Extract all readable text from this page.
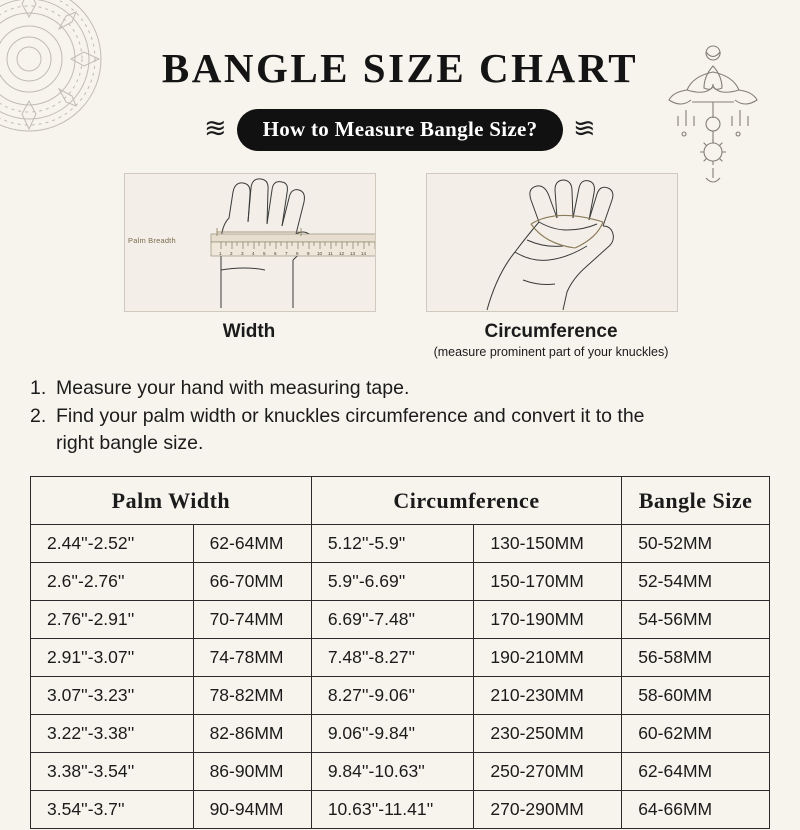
BANGLE SIZE CHART
≋	How to Measure Bangle Size?	≋
1 2 3 4 5 6 7 8 9 10 11 12 13 14
Palm Breadth
Width	Circumference
(measure prominent part of your knuckles)
1. Measure your hand with measuring tape.
2. Find your palm width or knuckles circumference and convert it to the
right bangle size.
Palm Width		Circumference		Bangle Size
2.44''-2.52''	62-64MM	5.12''-5.9''	130-150MM	50-52MM
2.6''-2.76''	66-70MM	5.9''-6.69''	150-170MM	52-54MM
2.76''-2.91''	70-74MM	6.69''-7.48''	170-190MM	54-56MM
2.91''-3.07''	74-78MM	7.48''-8.27''	190-210MM	56-58MM
3.07''-3.23''	78-82MM	8.27''-9.06''	210-230MM	58-60MM
3.22''-3.38''	82-86MM	9.06''-9.84''	230-250MM	60-62MM
3.38''-3.54''	86-90MM	9.84''-10.63''	250-270MM	62-64MM
3.54''-3.7''	90-94MM	10.63''-11.41''	270-290MM	64-66MM
